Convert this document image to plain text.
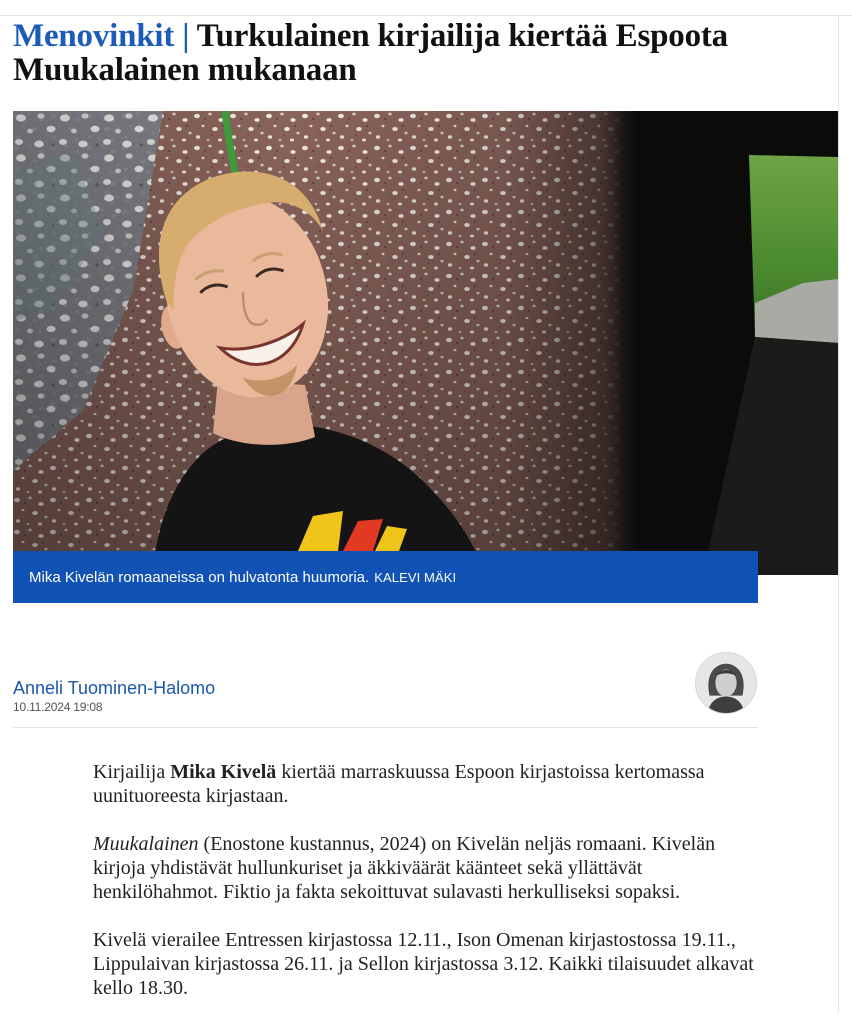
Menovinkit | Turkulainen kirjailija kiertää Espoota Muukalainen mukanaan
Mika Kivelän romaaneissa on hulvatonta huumoria. KALEVI MÄKI
Anneli Tuominen-Halomo
10.11.2024 19:08

Kirjailija Mika Kivelä kiertää marraskuussa Espoon kirjastoissa kertomassa uunituoreesta kirjastaan.

Muukalainen (Enostone kustannus, 2024) on Kivelän neljäs romaani. Kivelän kirjoja yhdistävät hullunkuriset ja äkkiväärät käänteet sekä yllättävät henkilöhahmot. Fiktio ja fakta sekoittuvat sulavasti herkulliseksi sopaksi.

Kivelä vierailee Entressen kirjastossa 12.11., Ison Omenan kirjastostossa 19.11., Lippulaivan kirjastossa 26.11. ja Sellon kirjastossa 3.12. Kaikki tilaisuudet alkavat kello 18.30.
